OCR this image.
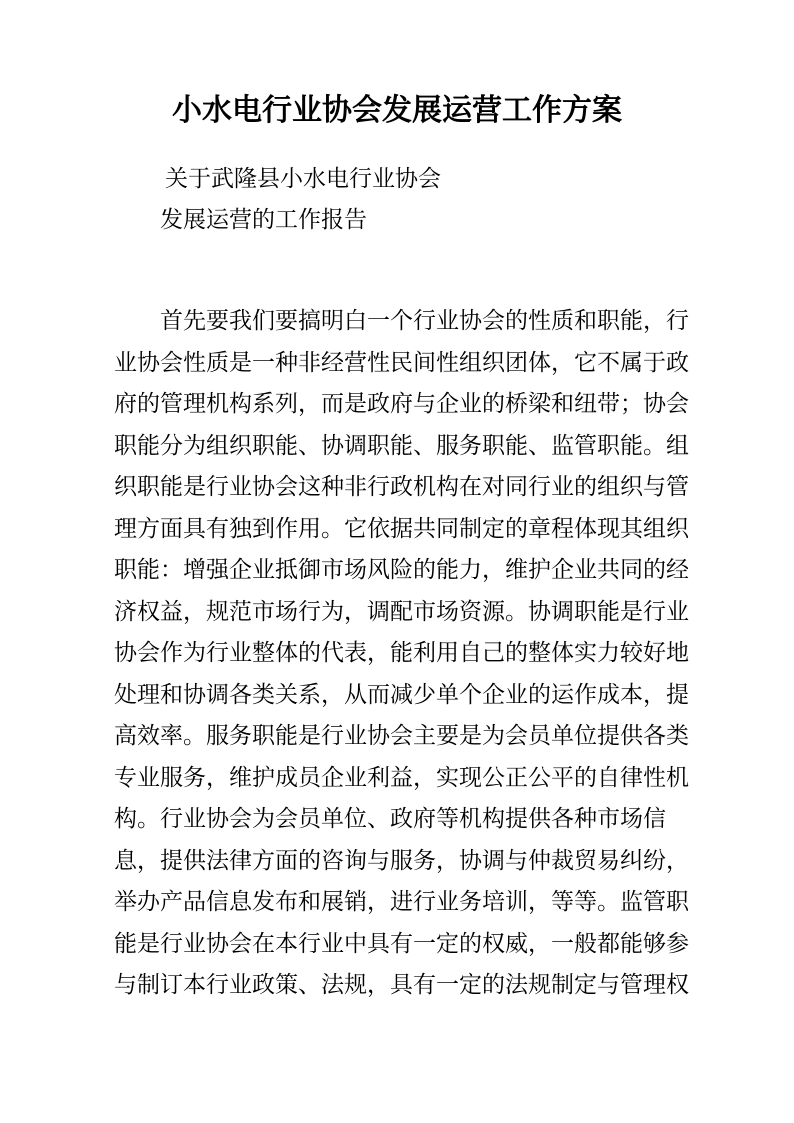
小水电行业协会发展运营工作方案
关于武隆县小水电行业协会
发展运营的工作报告
首先要我们要搞明白一个行业协会的性质和职能，行
业协会性质是一种非经营性民间性组织团体，它不属于政
府的管理机构系列，而是政府与企业的桥梁和纽带；协会
职能分为组织职能、协调职能、服务职能、监管职能。组
织职能是行业协会这种非行政机构在对同行业的组织与管
理方面具有独到作用。它依据共同制定的章程体现其组织
职能：增强企业抵御市场风险的能力，维护企业共同的经
济权益，规范市场行为，调配市场资源。协调职能是行业
协会作为行业整体的代表，能利用自己的整体实力较好地
处理和协调各类关系，从而减少单个企业的运作成本，提
高效率。服务职能是行业协会主要是为会员单位提供各类
专业服务，维护成员企业利益，实现公正公平的自律性机
构。行业协会为会员单位、政府等机构提供各种市场信
息，提供法律方面的咨询与服务，协调与仲裁贸易纠纷，
举办产品信息发布和展销，进行业务培训，等等。监管职
能是行业协会在本行业中具有一定的权威，一般都能够参
与制订本行业政策、法规，具有一定的法规制定与管理权
